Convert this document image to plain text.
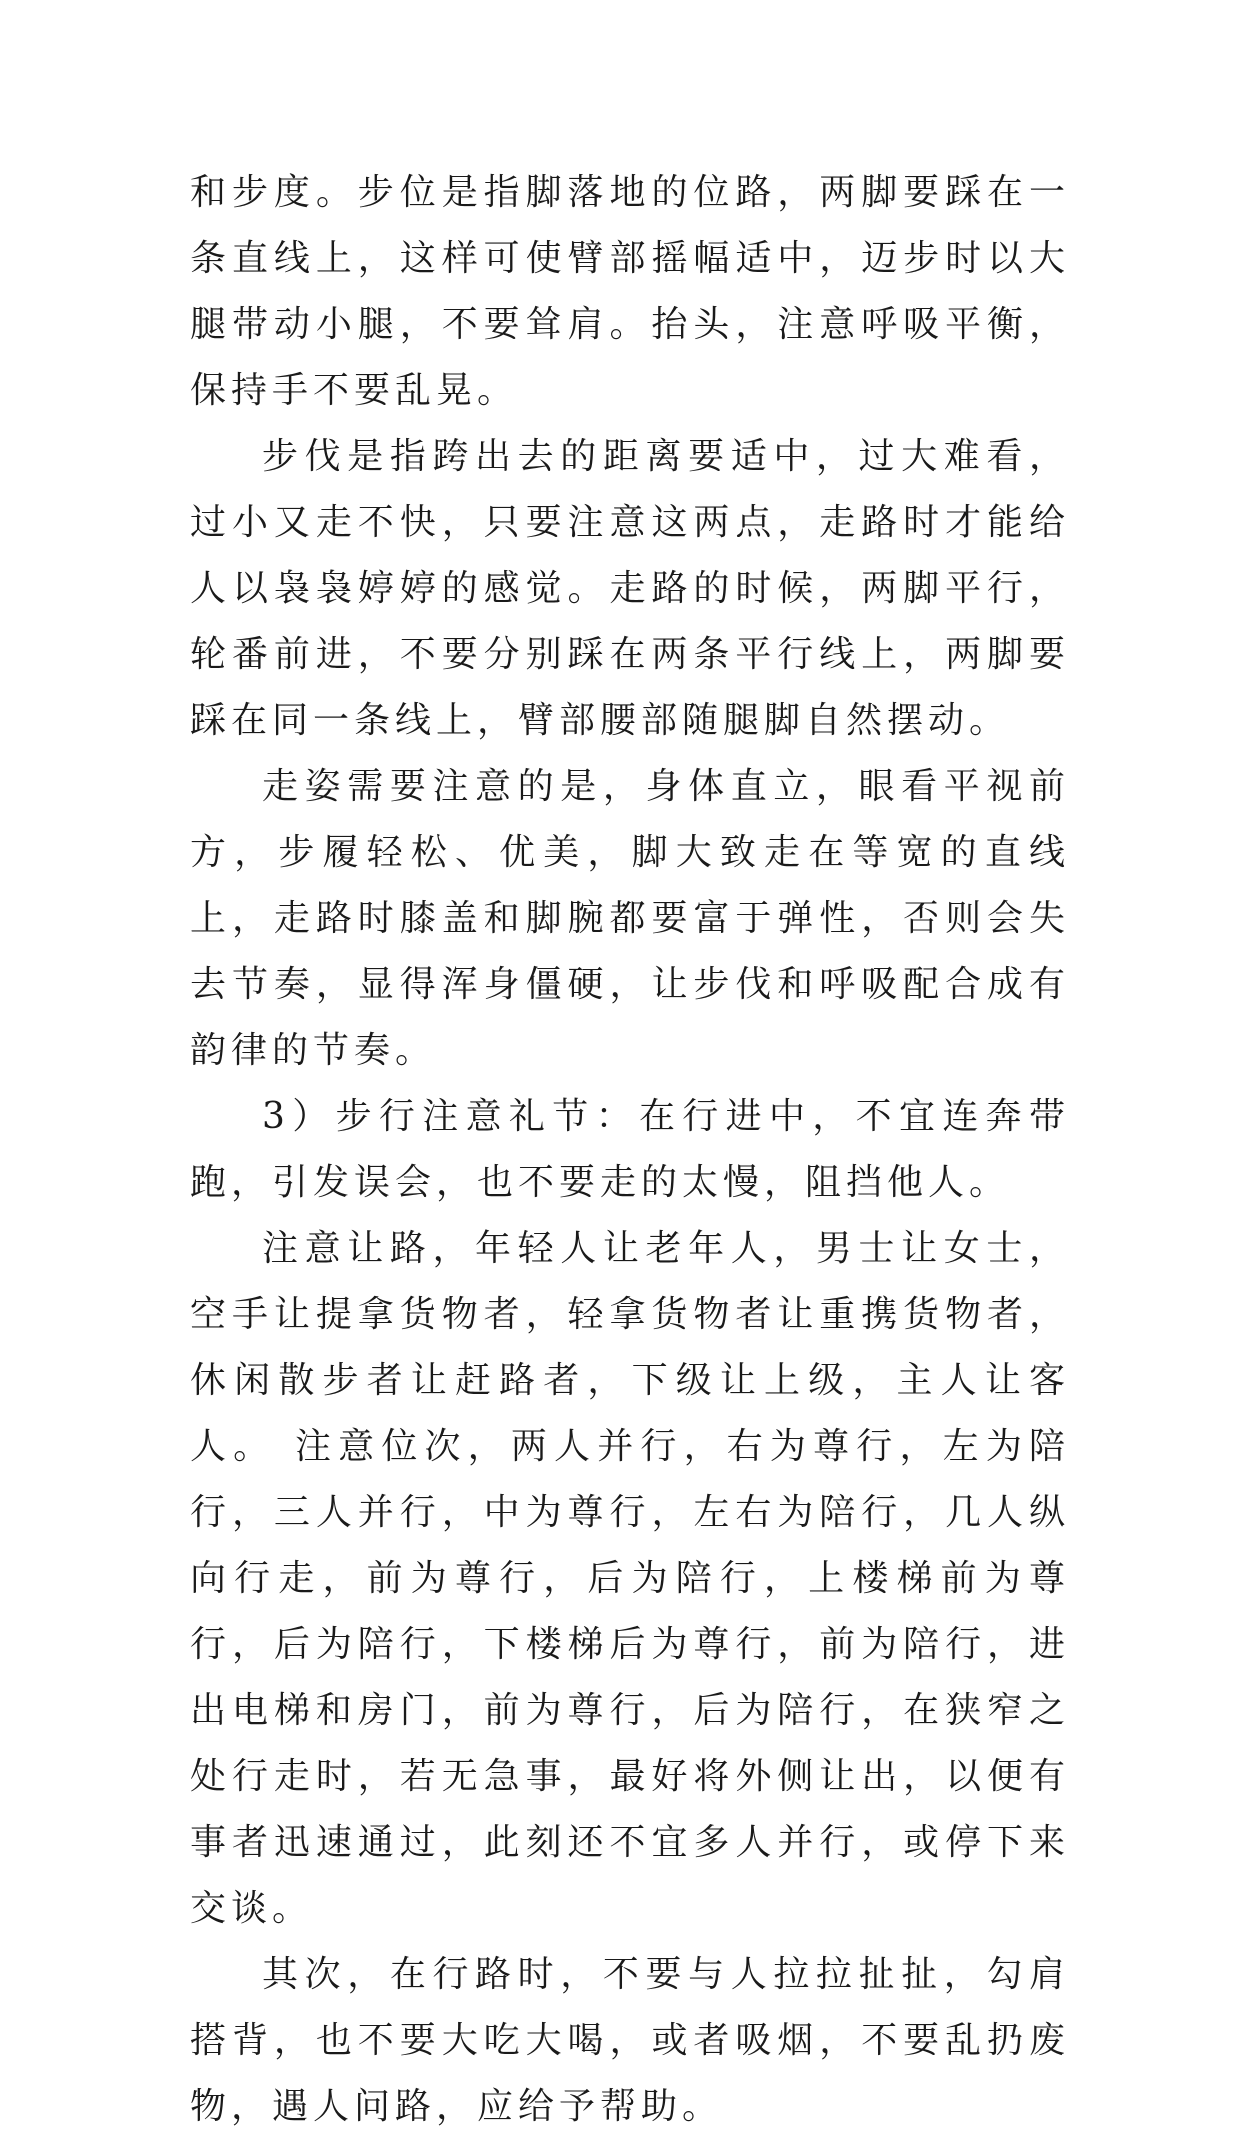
和步度。步位是指脚落地的位路，两脚要踩在一条直线上，这样可使臂部摇幅适中，迈步时以大腿带动小腿，不要耸肩。抬头，注意呼吸平衡，保持手不要乱晃。

步伐是指跨出去的距离要适中，过大难看，过小又走不快，只要注意这两点，走路时才能给人以袅袅婷婷的感觉。走路的时候，两脚平行，轮番前进，不要分别踩在两条平行线上，两脚要踩在同一条线上，臂部腰部随腿脚自然摆动。

走姿需要注意的是，身体直立，眼看平视前方，步履轻松、优美，脚大致走在等宽的直线上，走路时膝盖和脚腕都要富于弹性，否则会失去节奏，显得浑身僵硬，让步伐和呼吸配合成有韵律的节奏。

3）步行注意礼节：在行进中，不宜连奔带跑，引发误会，也不要走的太慢，阻挡他人。

注意让路，年轻人让老年人，男士让女士，空手让提拿货物者，轻拿货物者让重携货物者，休闲散步者让赶路者，下级让上级，主人让客人。 注意位次，两人并行，右为尊行，左为陪行，三人并行，中为尊行，左右为陪行，几人纵向行走，前为尊行，后为陪行，上楼梯前为尊行，后为陪行，下楼梯后为尊行，前为陪行，进出电梯和房门，前为尊行，后为陪行，在狭窄之处行走时，若无急事，最好将外侧让出，以便有事者迅速通过，此刻还不宜多人并行，或停下来交谈。

其次，在行路时，不要与人拉拉扯扯，勾肩搭背，也不要大吃大喝，或者吸烟，不要乱扔废物，遇人问路，应给予帮助。
